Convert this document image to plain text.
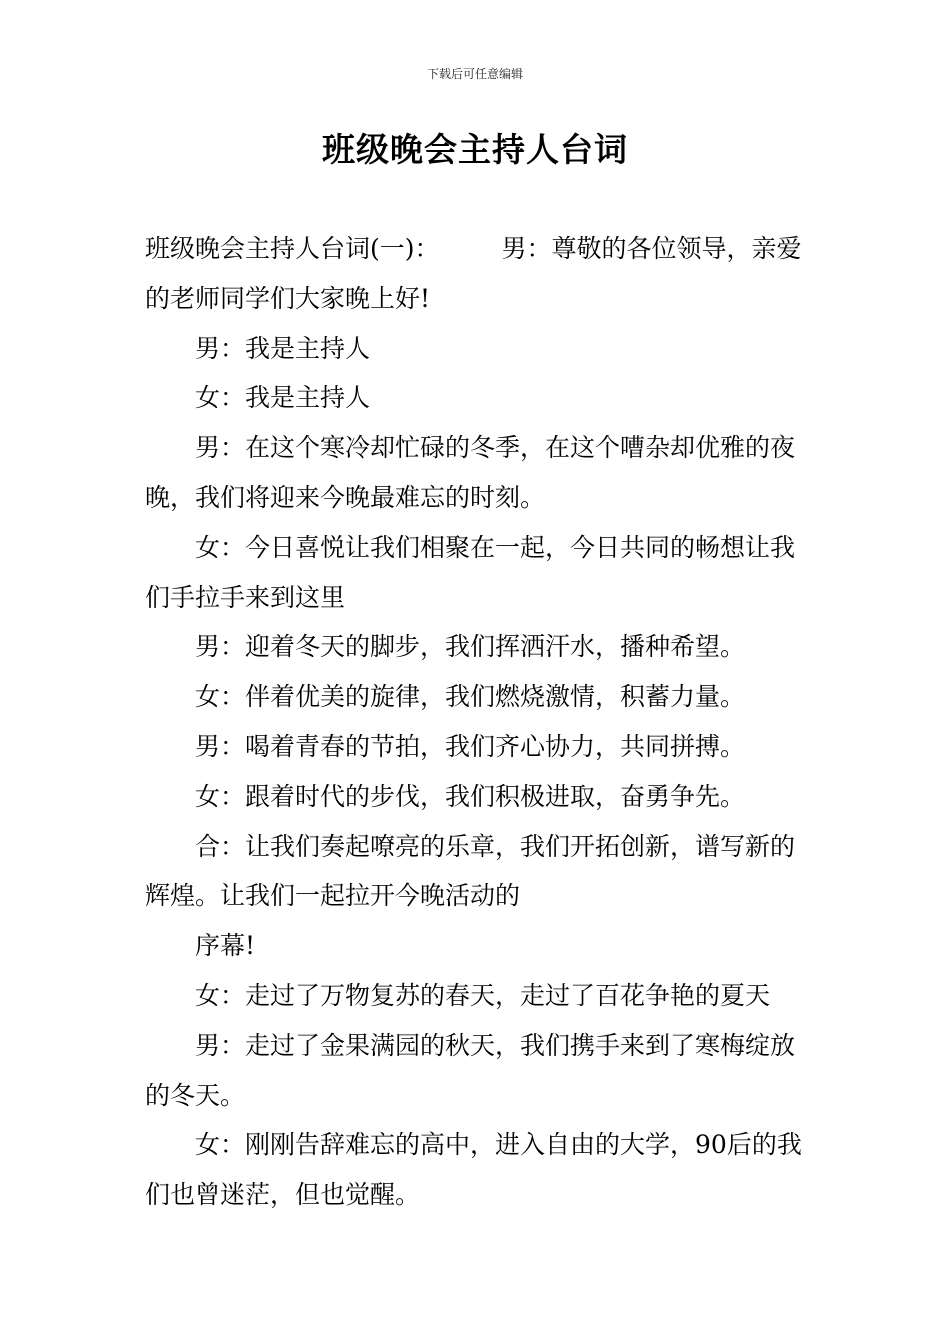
下载后可任意编辑
班级晚会主持人台词

班级晚会主持人台词(一)： 男：尊敬的各位领导，亲爱的老师同学们大家晚上好!

男：我是主持人

女：我是主持人

男：在这个寒冷却忙碌的冬季，在这个嘈杂却优雅的夜晚，我们将迎来今晚最难忘的时刻。

女：今日喜悦让我们相聚在一起，今日共同的畅想让我们手拉手来到这里

男：迎着冬天的脚步，我们挥洒汗水，播种希望。

女：伴着优美的旋律，我们燃烧激情，积蓄力量。

男：喝着青春的节拍，我们齐心协力，共同拼搏。

女：跟着时代的步伐，我们积极进取，奋勇争先。

合：让我们奏起嘹亮的乐章，我们开拓创新，谱写新的辉煌。让我们一起拉开今晚活动的

序幕!

女：走过了万物复苏的春天，走过了百花争艳的夏天

男：走过了金果满园的秋天，我们携手来到了寒梅绽放的冬天。

女：刚刚告辞难忘的高中，进入自由的大学，90后的我们也曾迷茫，但也觉醒。
